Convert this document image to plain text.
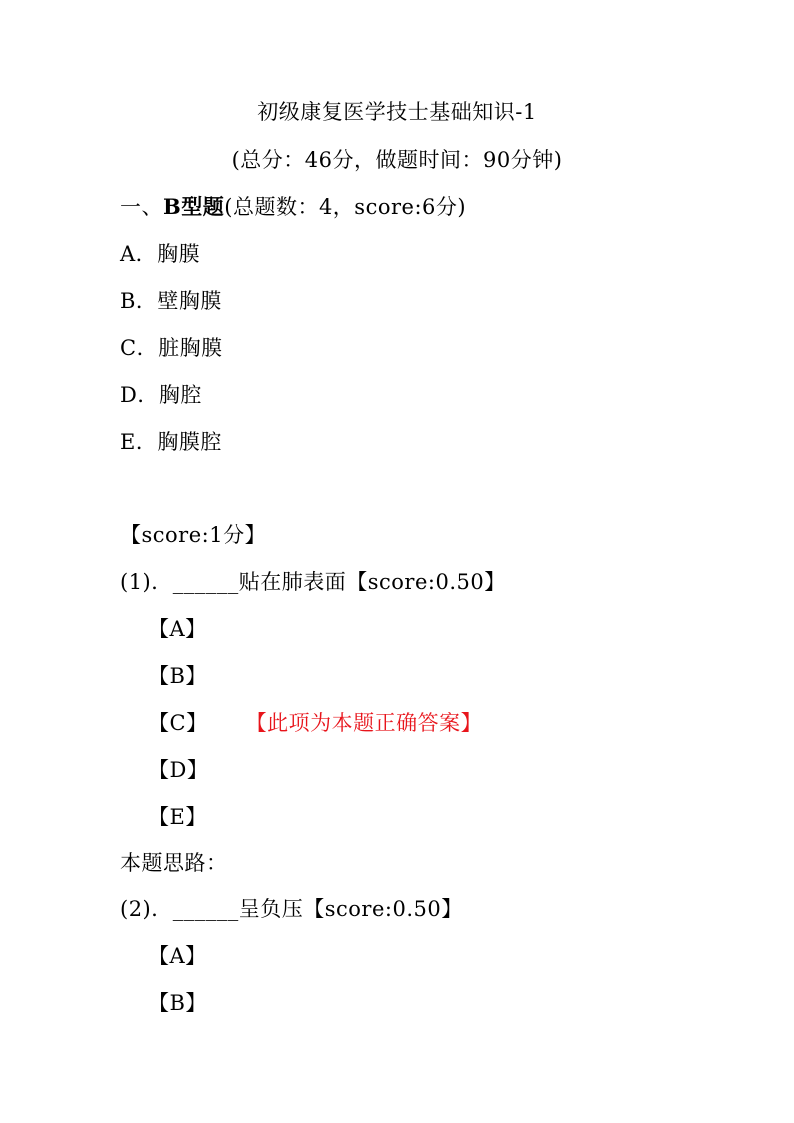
初级康复医学技士基础知识-1
(总分：46分，做题时间：90分钟)
一、B型题(总题数：4，score:6分)
A．胸膜
B．壁胸膜
C．脏胸膜
D．胸腔
E．胸膜腔
【score:1分】
(1)．______贴在肺表面【score:0.50】
【A】
【B】
【C】 【此项为本题正确答案】
【D】
【E】
本题思路：
(2)．______呈负压【score:0.50】
【A】
【B】
